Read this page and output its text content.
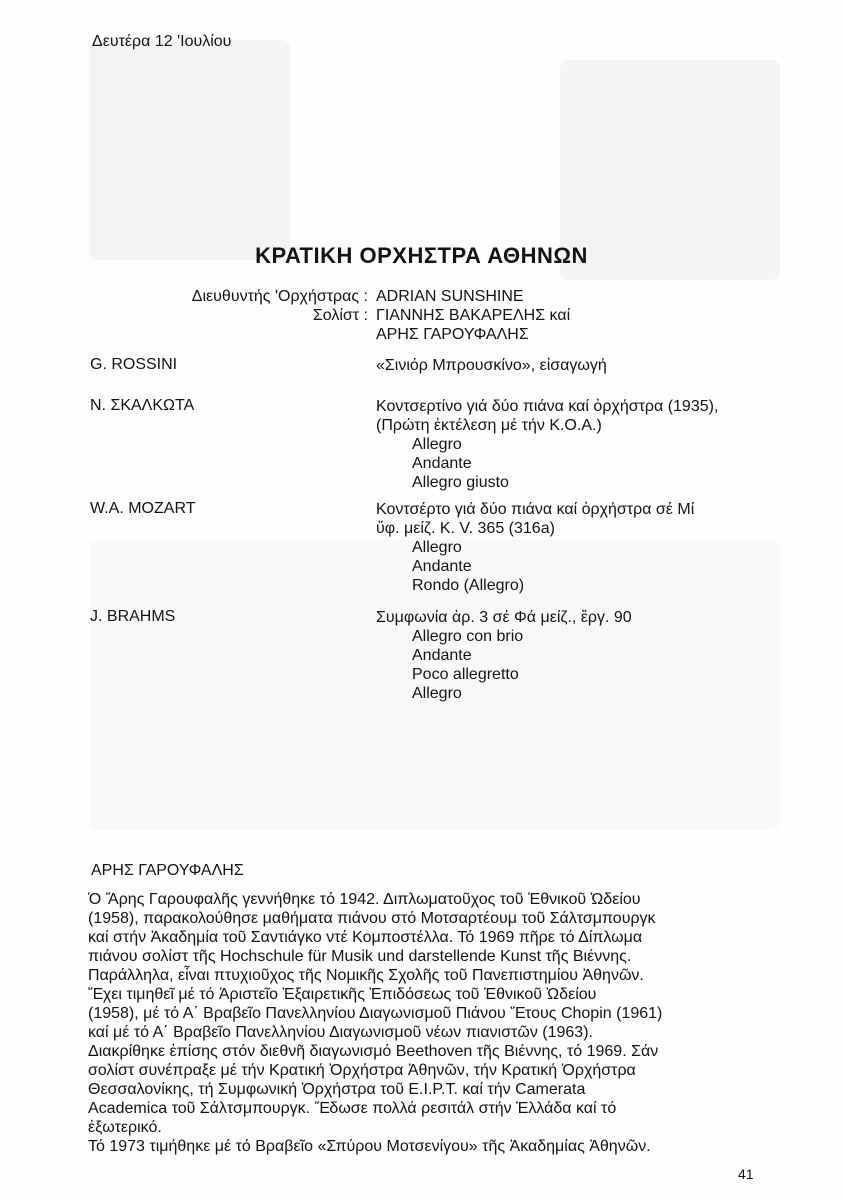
Δευτέρα 12 'Ιουλίου
ΚΡΑΤΙΚΗ ΟΡΧΗΣΤΡΑ ΑΘΗΝΩΝ
Διευθυντής 'Ορχήστρας : ADRIAN SUNSHINE
Σολίστ : ΓΙΑΝΝΗΣ ΒΑΚΑΡΕΛΗΣ καί
ΑΡΗΣ ΓΑΡΟΥΦΑΛΗΣ
G. ROSSINI	«Σινιόρ Μπρουσκίνο», εἰσαγωγή
Ν. ΣΚΑΛΚΩΤΑ	Κοντσερτίνο γιά δύο πιάνα καί ὀρχήστρα (1935),
(Πρώτη ἐκτέλεση μέ τήν Κ.Ο.Α.)
Allegro
Andante
Allegro giusto
W.A. MOZART	Κοντσέρτο γιά δύο πιάνα καί ὀρχήστρα σέ Μί
ὕφ. μείζ. K. V. 365 (316a)
Allegro
Andante
Rondo (Allegro)
J. BRAHMS	Συμφωνία ἀρ. 3 σέ Φά μείζ., ἔργ. 90
Allegro con brio
Andante
Poco allegretto
Allegro
ΑΡΗΣ ΓΑΡΟΥΦΑΛΗΣ

Ὁ Ἄρης Γαρουφαλῆς γεννήθηκε τό 1942. Διπλωματοῦχος τοῦ Ἐθνικοῦ Ὠδείου

(1958), παρακολούθησε μαθήματα πιάνου στό Μοτσαρτέουμ τοῦ Σάλτσμπουργκ

καί στήν Ἀκαδημία τοῦ Σαντιάγκο ντέ Κομποστέλλα. Τό 1969 πῆρε τό Δίπλωμα

πιάνου σολίστ τῆς Hochschule für Musik und darstellende Kunst τῆς Βιέννης.

Παράλληλα, εἶναι πτυχιοῦχος τῆς Νομικῆς Σχολῆς τοῦ Πανεπιστημίου Ἀθηνῶν.

Ἔχει τιμηθεῖ μέ τό Ἀριστεῖο Ἐξαιρετικῆς Ἐπιδόσεως τοῦ Ἐθνικοῦ Ὠδείου

(1958), μέ τό Α΄ Βραβεῖο Πανελληνίου Διαγωνισμοῦ Πιάνου Ἔτους Chopin (1961)

καί μέ τό Α΄ Βραβεῖο Πανελληνίου Διαγωνισμοῦ νέων πιανιστῶν (1963).

Διακρίθηκε ἐπίσης στόν διεθνῆ διαγωνισμό Beethoven τῆς Βιέννης, τό 1969. Σάν

σολίστ συνέπραξε μέ τήν Κρατική Ὀρχήστρα Ἀθηνῶν, τήν Κρατική Ὀρχήστρα

Θεσσαλονίκης, τή Συμφωνική Ὀρχήστρα τοῦ Ε.Ι.Ρ.Τ. καί τήν Camerata

Academica τοῦ Σάλτσμπουργκ. Ἔδωσε πολλά ρεσιτάλ στήν Ἑλλάδα καί τό

ἐξωτερικό.

Τό 1973 τιμήθηκε μέ τό Βραβεῖο «Σπύρου Μοτσενίγου» τῆς Ἀκαδημίας Ἀθηνῶν.

41
